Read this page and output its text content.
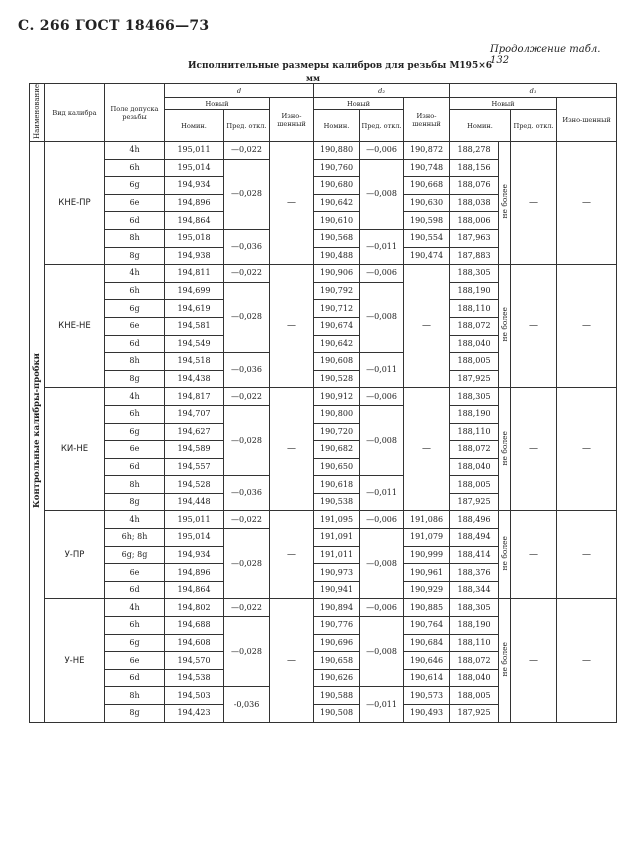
С. 266 ГОСТ 18466—73
Продолжение табл. 132
Исполнительные размеры калибров для резьбы М195×6
мм
Наименование	Вид калибра	Поле допуска резьбы	d			d₂			d₁			
			Новый		Изно-шенный	Новый		Изно-шенный	Новый			Изно-шенный
			Номин.	Пред. откл.		Номин.	Пред. откл.		Номин.		Пред. откл.	
Контрольные калибры-пробки	КНЕ-ПР	4h	195,011	—0,022	—	190,880	—0,006	190,872	188,278	не более	—	—
		6h	195,014	—0,028		190,760	—0,008	190,748	188,156			
		6g	194,934			190,680		190,668	188,076			
		6e	194,896			190,642		190,630	188,038			
		6d	194,864			190,610		190,598	188,006			
		8h	195,018	—0,036		190,568	—0,011	190,554	187,963			
		8g	194,938			190,488		190,474	187,883			
	КНЕ-НЕ	4h	194,811	—0,022	—	190,906	—0,006	—	188,305	не более	—	—
		6h	194,699	—0,028		190,792	—0,008		188,190			
		6g	194,619			190,712			188,110			
		6e	194,581			190,674			188,072			
		6d	194,549			190,642			188,040			
		8h	194,518	—0,036		190,608	—0,011		188,005			
		8g	194,438			190,528			187,925			
	КИ-НЕ	4h	194,817	—0,022	—	190,912	—0,006	—	188,305	не более	—	—
		6h	194,707	—0,028		190,800	—0,008		188,190			
		6g	194,627			190,720			188,110			
		6e	194,589			190,682			188,072			
		6d	194,557			190,650			188,040			
		8h	194,528	—0,036		190,618	—0,011		188,005			
		8g	194,448			190,538			187,925			
	У-ПР	4h	195,011	—0,022	—	191,095	—0,006	191,086	188,496	не более	—	—
		6h; 8h	195,014	—0,028		191,091	—0,008	191,079	188,494			
		6g; 8g	194,934			191,011		190,999	188,414			
		6e	194,896			190,973		190,961	188,376			
		6d	194,864			190,941		190,929	188,344			
	У-НЕ	4h	194,802	—0,022	—	190,894	—0,006	190,885	188,305	не более	—	—
		6h	194,688	—0,028		190,776	—0,008	190,764	188,190			
		6g	194,608			190,696		190,684	188,110			
		6e	194,570			190,658		190,646	188,072			
		6d	194,538			190,626		190,614	188,040			
		8h	194,503	-0,036		190,588	—0,011	190,573	188,005			
		8g	194,423			190,508		190,493	187,925			
